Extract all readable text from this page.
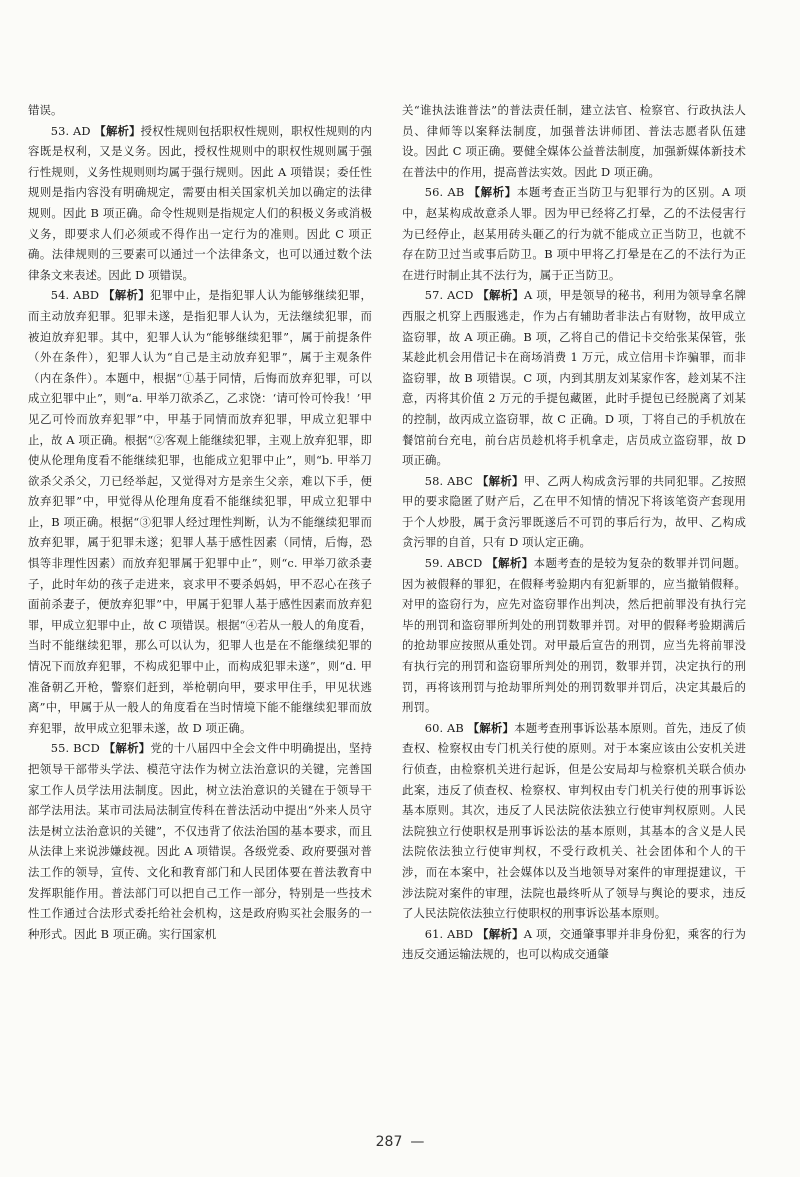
错误。

53. AD 【解析】授权性规则包括职权性规则，职权性规则的内容既是权利，又是义务。因此，授权性规则中的职权性规则属于强行性规则，义务性规则则均属于强行规则。因此 A 项错误；委任性规则是指内容没有明确规定，需要由相关国家机关加以确定的法律规则。因此 B 项正确。命令性规则是指规定人们的积极义务或消极义务，即要求人们必须或不得作出一定行为的准则。因此 C 项正确。法律规则的三要素可以通过一个法律条文，也可以通过数个法律条文来表述。因此 D 项错误。

54. ABD 【解析】犯罪中止，是指犯罪人认为能够继续犯罪，而主动放弃犯罪。犯罪未遂，是指犯罪人认为，无法继续犯罪，而被迫放弃犯罪。其中，犯罪人认为“能够继续犯罪”，属于前提条件（外在条件），犯罪人认为“自己是主动放弃犯罪”，属于主观条件（内在条件）。本题中，根据“①基于同情，后悔而放弃犯罪，可以成立犯罪中止”，则“a. 甲举刀欲杀乙，乙求饶：‘请可怜可怜我！’甲见乙可怜而放弃犯罪”中，甲基于同情而放弃犯罪，甲成立犯罪中止，故 A 项正确。根据“②客观上能继续犯罪，主观上放弃犯罪，即使从伦理角度看不能继续犯罪，也能成立犯罪中止”，则“b. 甲举刀欲杀父杀父，刀已经举起，又觉得对方是亲生父亲，难以下手，便放弃犯罪”中，甲觉得从伦理角度看不能继续犯罪，甲成立犯罪中止，B 项正确。根据“③犯罪人经过理性判断，认为不能继续犯罪而放弃犯罪，属于犯罪未遂；犯罪人基于感性因素（同情，后悔，恐惧等非理性因素）而放弃犯罪属于犯罪中止”，则“c. 甲举刀欲杀妻子，此时年幼的孩子走进来，哀求甲不要杀妈妈，甲不忍心在孩子面前杀妻子，便放弃犯罪”中，甲属于犯罪人基于感性因素而放弃犯罪，甲成立犯罪中止，故 C 项错误。根据“④若从一般人的角度看，当时不能继续犯罪，那么可以认为，犯罪人也是在不能继续犯罪的情况下而放弃犯罪，不构成犯罪中止，而构成犯罪未遂”，则“d. 甲准备朝乙开枪，警察们赶到，举枪朝向甲，要求甲住手，甲见状逃离”中，甲属于从一般人的角度看在当时情境下能不能继续犯罪而放弃犯罪，故甲成立犯罪未遂，故 D 项正确。

55. BCD 【解析】党的十八届四中全会文件中明确提出，坚持把领导干部带头学法、模范守法作为树立法治意识的关键，完善国家工作人员学法用法制度。因此，树立法治意识的关键在于领导干部学法用法。某市司法局法制宣传科在普法活动中提出“外来人员守法是树立法治意识的关键”，不仅违背了依法治国的基本要求，而且从法律上来说涉嫌歧视。因此 A 项错误。各级党委、政府要强对普法工作的领导，宣传、文化和教育部门和人民团体要在普法教育中发挥职能作用。普法部门可以把自己工作一部分，特别是一些技术性工作通过合法形式委托给社会机构，这是政府购买社会服务的一种形式。因此 B 项正确。实行国家机

关“谁执法谁普法”的普法责任制，建立法官、检察官、行政执法人员、律师等以案释法制度，加强普法讲师团、普法志愿者队伍建设。因此 C 项正确。要健全媒体公益普法制度，加强新媒体新技术在普法中的作用，提高普法实效。因此 D 项正确。

56. AB 【解析】本题考查正当防卫与犯罪行为的区别。A 项中，赵某构成故意杀人罪。因为甲已经将乙打晕，乙的不法侵害行为已经停止，赵某用砖头砸乙的行为就不能成立正当防卫，也就不存在防卫过当或事后防卫。B 项中甲将乙打晕是在乙的不法行为正在进行时制止其不法行为，属于正当防卫。

57. ACD 【解析】A 项，甲是领导的秘书，利用为领导拿名牌西服之机穿上西服逃走，作为占有辅助者非法占有财物，故甲成立盗窃罪，故 A 项正确。B 项，乙将自己的借记卡交给张某保管，张某趁此机会用借记卡在商场消费 1 万元，成立信用卡诈骗罪，而非盗窃罪，故 B 项错误。C 项，内到其朋友刘某家作客，趁刘某不注意，丙将其价值 2 万元的手提包藏匿，此时手提包已经脱离了刘某的控制，故丙成立盗窃罪，故 C 正确。D 项，丁将自己的手机放在餐馆前台充电，前台店员趁机将手机拿走，店员成立盗窃罪，故 D 项正确。

58. ABC 【解析】甲、乙两人构成贪污罪的共同犯罪。乙按照甲的要求隐匿了财产后，乙在甲不知情的情况下将该笔资产套现用于个人炒股，属于贪污罪既遂后不可罚的事后行为，故甲、乙构成贪污罪的自首，只有 D 项认定正确。

59. ABCD 【解析】本题考查的是较为复杂的数罪并罚问题。因为被假释的罪犯，在假释考验期内有犯新罪的，应当撤销假释。对甲的盗窃行为，应先对盗窃罪作出判决，然后把前罪没有执行完毕的刑罚和盗窃罪所判处的刑罚数罪并罚。对甲的假释考验期满后的抢劫罪应按照从重处罚。对甲最后宣告的刑罚，应当先将前罪没有执行完的刑罚和盗窃罪所判处的刑罚，数罪并罚，决定执行的刑罚，再将该刑罚与抢劫罪所判处的刑罚数罪并罚后，决定其最后的刑罚。

60. AB 【解析】本题考查刑事诉讼基本原则。首先，违反了侦查权、检察权由专门机关行使的原则。对于本案应该由公安机关进行侦查，由检察机关进行起诉，但是公安局却与检察机关联合侦办此案，违反了侦查权、检察权、审判权由专门机关行使的刑事诉讼基本原则。其次，违反了人民法院依法独立行使审判权原则。人民法院独立行使职权是刑事诉讼法的基本原则，其基本的含义是人民法院依法独立行使审判权，不受行政机关、社会团体和个人的干涉，而在本案中，社会媒体以及当地领导对案件的审理提建议，干涉法院对案件的审理，法院也最终听从了领导与舆论的要求，违反了人民法院依法独立行使职权的刑事诉讼基本原则。

61. ABD 【解析】A 项，交通肇事罪并非身份犯，乘客的行为违反交通运输法规的，也可以构成交通肇

287 —
